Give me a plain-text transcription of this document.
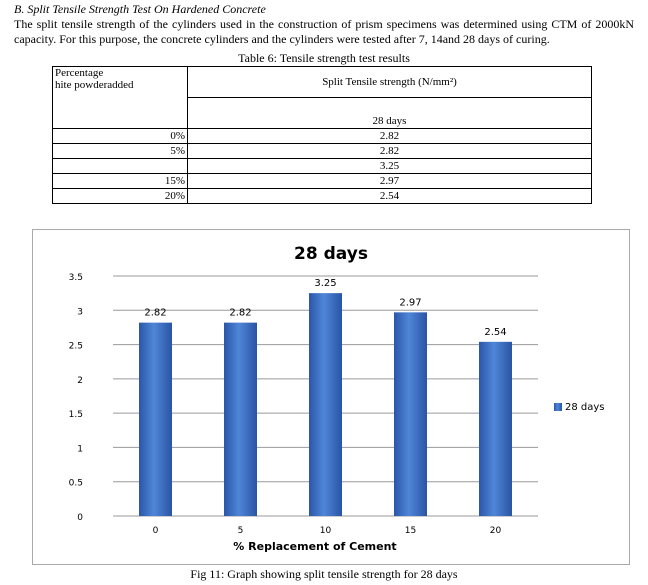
B. Split Tensile Strength Test On Hardened Concrete
The split tensile strength of the cylinders used in the construction of prism specimens was determined using CTM of 2000kN capacity. For this purpose, the concrete cylinders and the cylinders were tested after 7, 14and 28 days of curing.
Table 6: Tensile strength test results
Percentage
hite powderadded	Split Tensile strength (N/mm²)
	28 days
0%	2.82
5%	2.82
	3.25
15%	2.97
20%	2.54
28 days
0
0.5
1
1.5
2
2.5
3
3.5
2.82	2.82
3.25
2.97
2.54
0	5	10	15	20
% Replacement of Cement
28 days
Fig 11: Graph showing split tensile strength for 28 days
